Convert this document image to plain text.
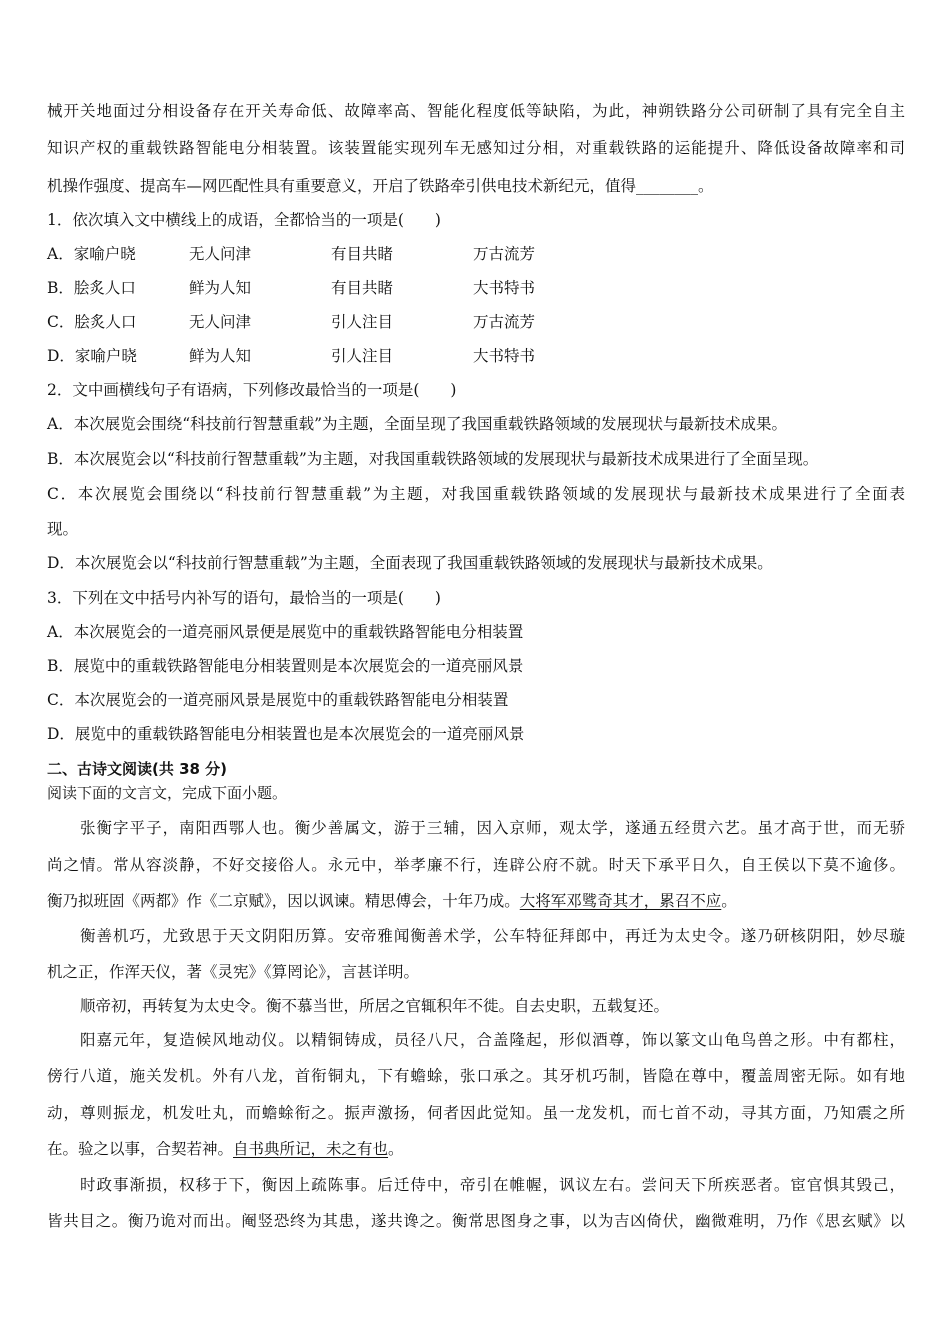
械开关地面过分相设备存在开关寿命低、故障率高、智能化程度低等缺陷，为此，神朔铁路分公司研制了具有完全自主
知识产权的重载铁路智能电分相装置。该装置能实现列车无感知过分相，对重载铁路的运能提升、降低设备故障率和司
机操作强度、提高车—网匹配性具有重要意义，开启了铁路牵引供电技术新纪元，值得________。
1．依次填入文中横线上的成语，全都恰当的一项是(　　)
A．家喻户晓	无人问津	有目共睹	万古流芳
B．脍炙人口	鲜为人知	有目共睹	大书特书
C．脍炙人口	无人问津	引人注目	万古流芳
D．家喻户晓	鲜为人知	引人注目	大书特书
2．文中画横线句子有语病，下列修改最恰当的一项是(　　)
A．本次展览会围绕“科技前行智慧重载”为主题，全面呈现了我国重载铁路领域的发展现状与最新技术成果。
B．本次展览会以“科技前行智慧重载”为主题，对我国重载铁路领域的发展现状与最新技术成果进行了全面呈现。
C．本次展览会围绕以“科技前行智慧重载”为主题，对我国重载铁路领域的发展现状与最新技术成果进行了全面表
现。
D．本次展览会以“科技前行智慧重载”为主题，全面表现了我国重载铁路领域的发展现状与最新技术成果。
3．下列在文中括号内补写的语句，最恰当的一项是(　　)
A．本次展览会的一道亮丽风景便是展览中的重载铁路智能电分相装置
B．展览中的重载铁路智能电分相装置则是本次展览会的一道亮丽风景
C．本次展览会的一道亮丽风景是展览中的重载铁路智能电分相装置
D．展览中的重载铁路智能电分相装置也是本次展览会的一道亮丽风景
二、古诗文阅读(共 38 分)
阅读下面的文言文，完成下面小题。
张衡字平子，南阳西鄂人也。衡少善属文，游于三辅，因入京师，观太学，遂通五经贯六艺。虽才高于世，而无骄
尚之情。常从容淡静，不好交接俗人。永元中，举孝廉不行，连辟公府不就。时天下承平日久，自王侯以下莫不逾侈。
衡乃拟班固《两都》作《二京赋》，因以讽谏。精思傅会，十年乃成。大将军邓骘奇其才，累召不应。
衡善机巧，尤致思于天文阴阳历算。安帝雅闻衡善术学，公车特征拜郎中，再迁为太史令。遂乃研核阴阳，妙尽璇
机之正，作浑天仪，著《灵宪》《算罔论》，言甚详明。
顺帝初，再转复为太史令。衡不慕当世，所居之官辄积年不徙。自去史职，五载复还。
阳嘉元年，复造候风地动仪。以精铜铸成，员径八尺，合盖隆起，形似酒尊，饰以篆文山龟鸟兽之形。中有都柱，
傍行八道，施关发机。外有八龙，首衔铜丸，下有蟾蜍，张口承之。其牙机巧制，皆隐在尊中，覆盖周密无际。如有地
动，尊则振龙，机发吐丸，而蟾蜍衔之。振声激扬，伺者因此觉知。虽一龙发机，而七首不动，寻其方面，乃知震之所
在。验之以事，合契若神。自书典所记，未之有也。
时政事渐损，权移于下，衡因上疏陈事。后迁侍中，帝引在帷幄，讽议左右。尝问天下所疾恶者。宦官惧其毁己，
皆共目之。衡乃诡对而出。阉竖恐终为其患，遂共谗之。衡常思图身之事，以为吉凶倚伏，幽微难明，乃作《思玄赋》以
